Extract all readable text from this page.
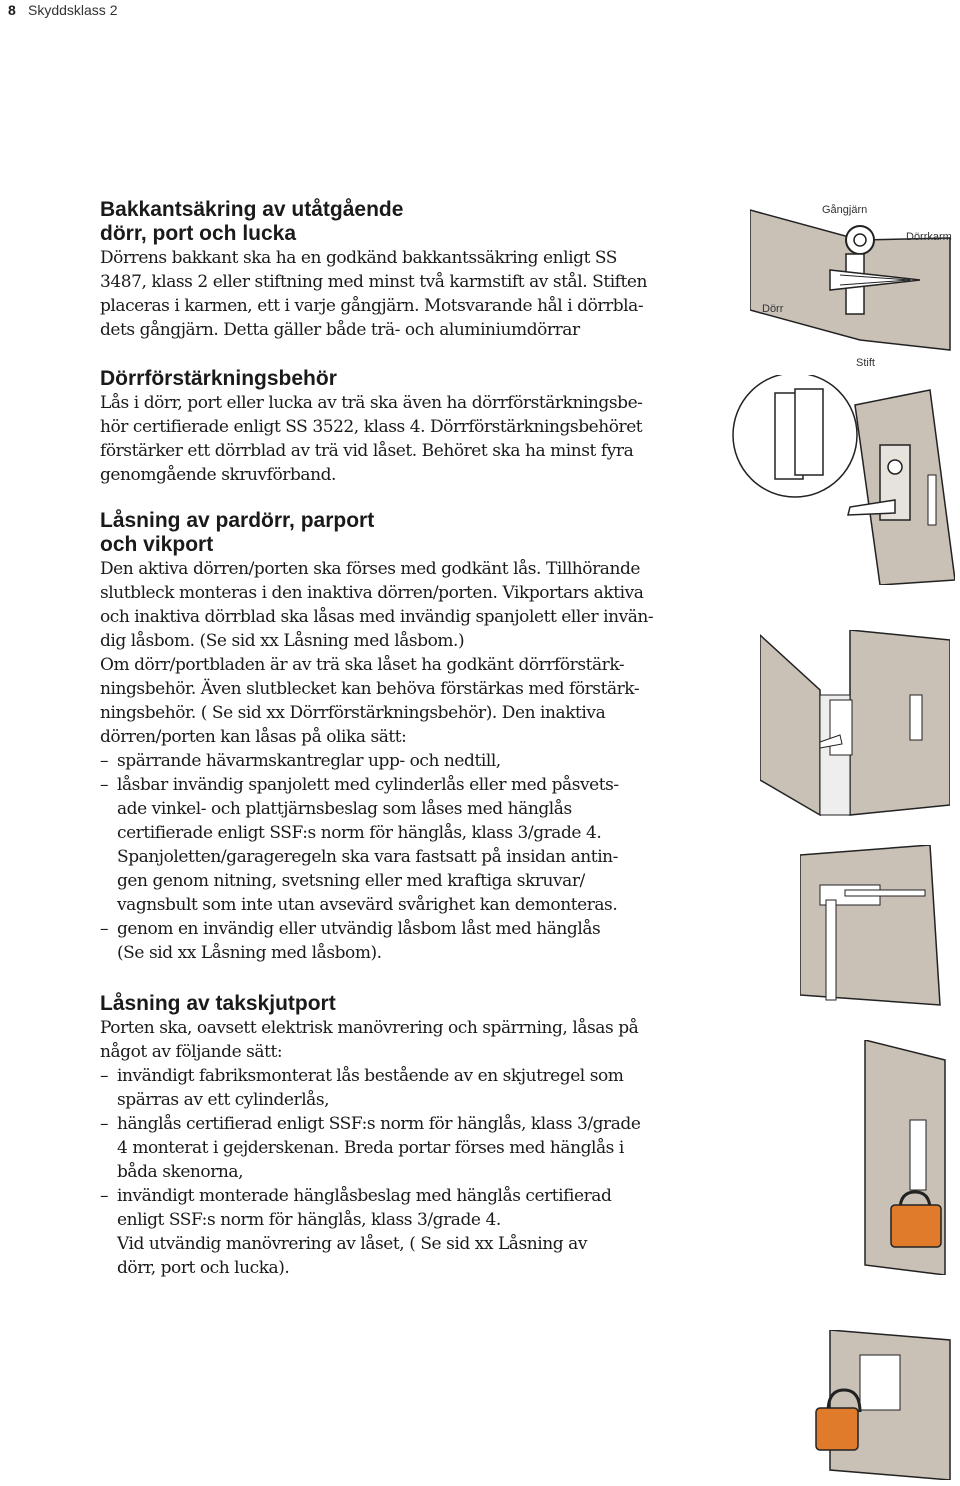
8 Skyddsklass 2
Bakkantsäkring av utåtgående
dörr, port och lucka
Dörrens bakkant ska ha en godkänd bakkantssäkring enligt SS
3487, klass 2 eller stiftning med minst två karmstift av stål. Stiften
placeras i karmen, ett i varje gångjärn. Motsvarande hål i dörrbla-
dets gångjärn. Detta gäller både trä- och aluminiumdörrar
Dörrförstärkningsbehör
Lås i dörr, port eller lucka av trä ska även ha dörrförstärkningsbe-
hör certifierade enligt SS 3522, klass 4. Dörrförstärkningsbehöret
förstärker ett dörrblad av trä vid låset. Behöret ska ha minst fyra
genomgående skruvförband.
Låsning av pardörr, parport
och vikport
Den aktiva dörren/porten ska förses med godkänt lås. Tillhörande
slutbleck monteras i den inaktiva dörren/porten. Vikportars aktiva
och inaktiva dörrblad ska låsas med invändig spanjolett eller invän-
dig låsbom. (Se sid xx Låsning med låsbom.)
Om dörr/portbladen är av trä ska låset ha godkänt dörrförstärk-
ningsbehör. Även slutblecket kan behöva förstärkas med förstärk-
ningsbehör. ( Se sid xx Dörrförstärkningsbehör). Den inaktiva
dörren/porten kan låsas på olika sätt:
– spärrande hävarmskantreglar upp- och nedtill,
– låsbar invändig spanjolett med cylinderlås eller med påsvets-
ade vinkel- och plattjärnsbeslag som låses med hänglås
certifierade enligt SSF:s norm för hänglås, klass 3/grade 4.
Spanjoletten/garageregeln ska vara fastsatt på insidan antin-
gen genom nitning, svetsning eller med kraftiga skruvar/
vagnsbult som inte utan avsevärd svårighet kan demonteras.
– genom en invändig eller utvändig låsbom låst med hänglås
(Se sid xx Låsning med låsbom).
Låsning av takskjutport
Porten ska, oavsett elektrisk manövrering och spärrning, låsas på
något av följande sätt:
– invändigt fabriksmonterat lås bestående av en skjutregel som
spärras av ett cylinderlås,
– hänglås certifierad enligt SSF:s norm för hänglås, klass 3/grade
4 monterat i gejderskenan. Breda portar förses med hänglås i
båda skenorna,
– invändigt monterade hänglåsbeslag med hänglås certifierad
enligt SSF:s norm för hänglås, klass 3/grade 4.
Vid utvändig manövrering av låset, ( Se sid xx Låsning av
dörr, port och lucka).
Gångjärn
Dörrkarm
Dörr
Stift
